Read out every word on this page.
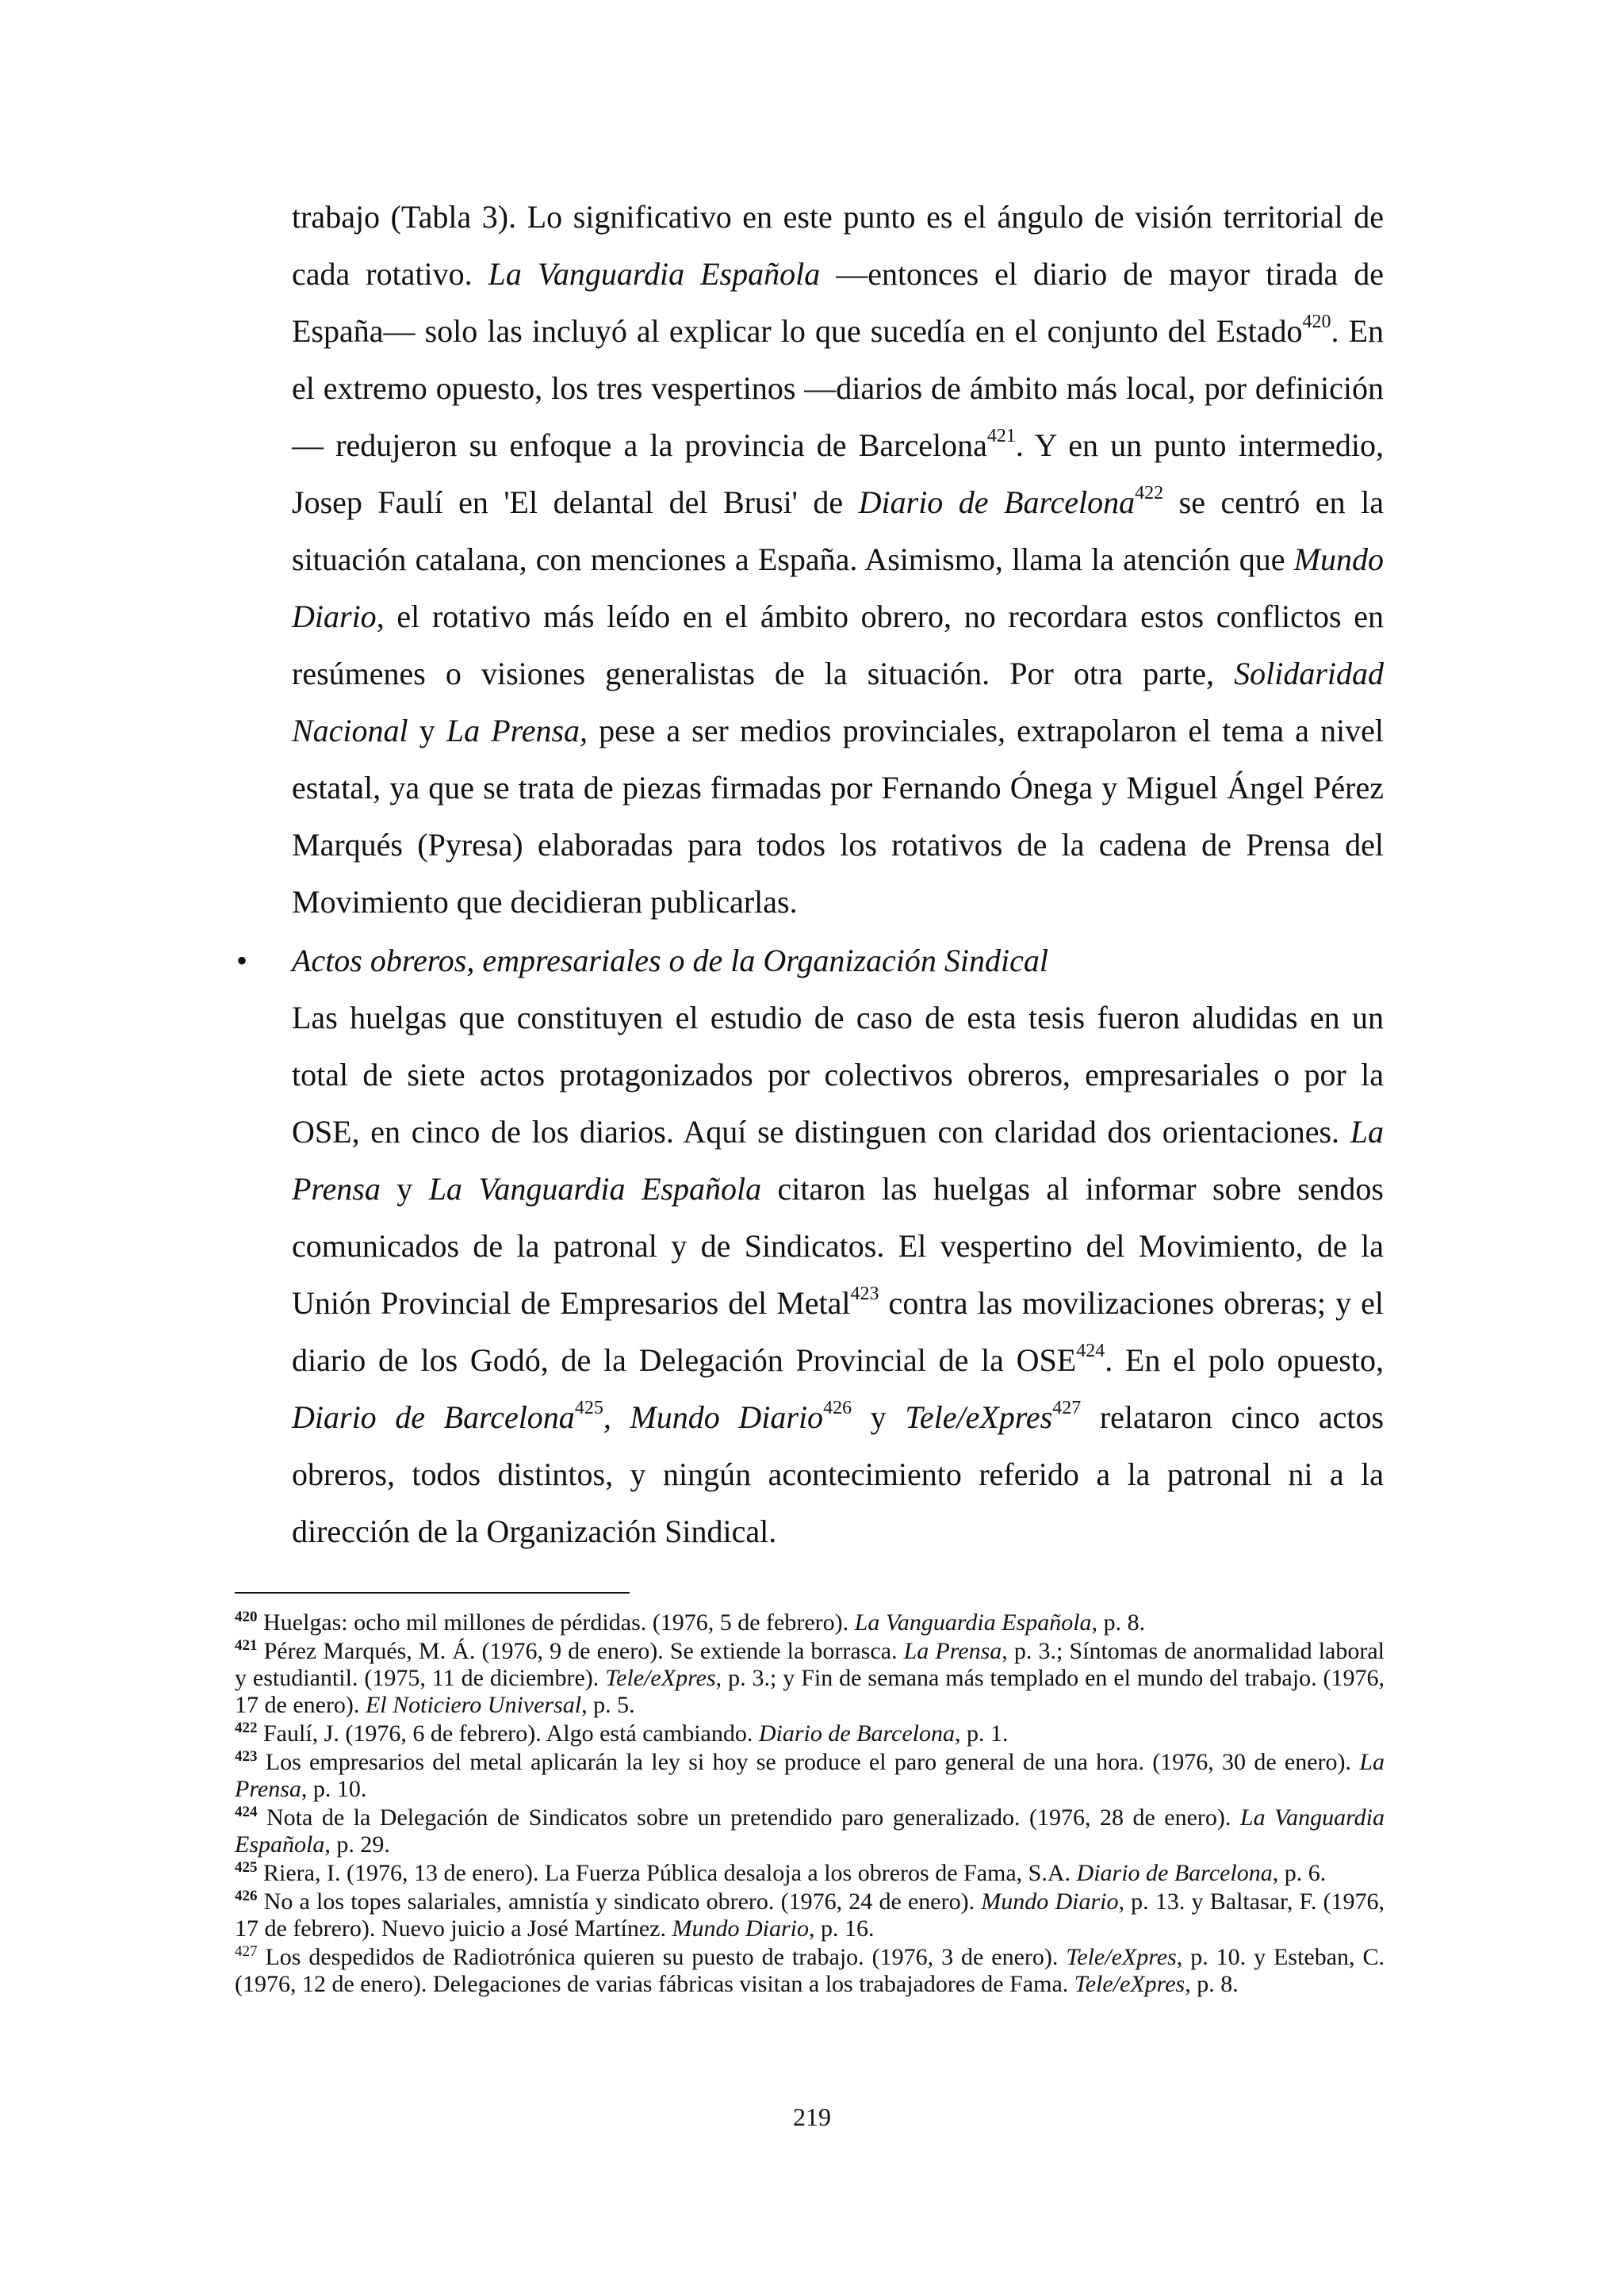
trabajo (Tabla 3). Lo significativo en este punto es el ángulo de visión territorial de cada rotativo. La Vanguardia Española —entonces el diario de mayor tirada de España— solo las incluyó al explicar lo que sucedía en el conjunto del Estado$^{420}$. En el extremo opuesto, los tres vespertinos —diarios de ámbito más local, por definición— redujeron su enfoque a la provincia de Barcelona$^{421}$. Y en un punto intermedio, Josep Faulí en 'El delantal del Brusi' de Diario de Barcelona$^{422}$ se centró en la situación catalana, con menciones a España. Asimismo, llama la atención que Mundo Diario, el rotativo más leído en el ámbito obrero, no recordara estos conflictos en resúmenes o visiones generalistas de la situación. Por otra parte, Solidaridad Nacional y La Prensa, pese a ser medios provinciales, extrapolaron el tema a nivel estatal, ya que se trata de piezas firmadas por Fernando Ónega y Miguel Ángel Pérez Marqués (Pyresa) elaboradas para todos los rotativos de la cadena de Prensa del Movimiento que decidieran publicarlas.

• Actos obreros, empresariales o de la Organización Sindical

Las huelgas que constituyen el estudio de caso de esta tesis fueron aludidas en un total de siete actos protagonizados por colectivos obreros, empresariales o por la OSE, en cinco de los diarios. Aquí se distinguen con claridad dos orientaciones. La Prensa y La Vanguardia Española citaron las huelgas al informar sobre sendos comunicados de la patronal y de Sindicatos. El vespertino del Movimiento, de la Unión Provincial de Empresarios del Metal$^{423}$ contra las movilizaciones obreras; y el diario de los Godó, de la Delegación Provincial de la OSE$^{424}$. En el polo opuesto, Diario de Barcelona$^{425}$, Mundo Diario$^{426}$ y Tele/eXpres$^{427}$ relataron cinco actos obreros, todos distintos, y ningún acontecimiento referido a la patronal ni a la dirección de la Organización Sindical.

$^{420}$ Huelgas: ocho mil millones de pérdidas. (1976, 5 de febrero). La Vanguardia Española, p. 8.

$^{421}$ Pérez Marqués, M. Á. (1976, 9 de enero). Se extiende la borrasca. La Prensa, p. 3.; Síntomas de anormalidad laboral y estudiantil. (1975, 11 de diciembre). Tele/eXpres, p. 3.; y Fin de semana más templado en el mundo del trabajo. (1976, 17 de enero). El Noticiero Universal, p. 5.

$^{422}$ Faulí, J. (1976, 6 de febrero). Algo está cambiando. Diario de Barcelona, p. 1.

$^{423}$ Los empresarios del metal aplicarán la ley si hoy se produce el paro general de una hora. (1976, 30 de enero). La Prensa, p. 10.

$^{424}$ Nota de la Delegación de Sindicatos sobre un pretendido paro generalizado. (1976, 28 de enero). La Vanguardia Española, p. 29.

$^{425}$ Riera, I. (1976, 13 de enero). La Fuerza Pública desaloja a los obreros de Fama, S.A. Diario de Barcelona, p. 6.

$^{426}$ No a los topes salariales, amnistía y sindicato obrero. (1976, 24 de enero). Mundo Diario, p. 13. y Baltasar, F. (1976, 17 de febrero). Nuevo juicio a José Martínez. Mundo Diario, p. 16.

$^{427}$ Los despedidos de Radiotrónica quieren su puesto de trabajo. (1976, 3 de enero). Tele/eXpres, p. 10. y Esteban, C. (1976, 12 de enero). Delegaciones de varias fábricas visitan a los trabajadores de Fama. Tele/eXpres, p. 8.

219
